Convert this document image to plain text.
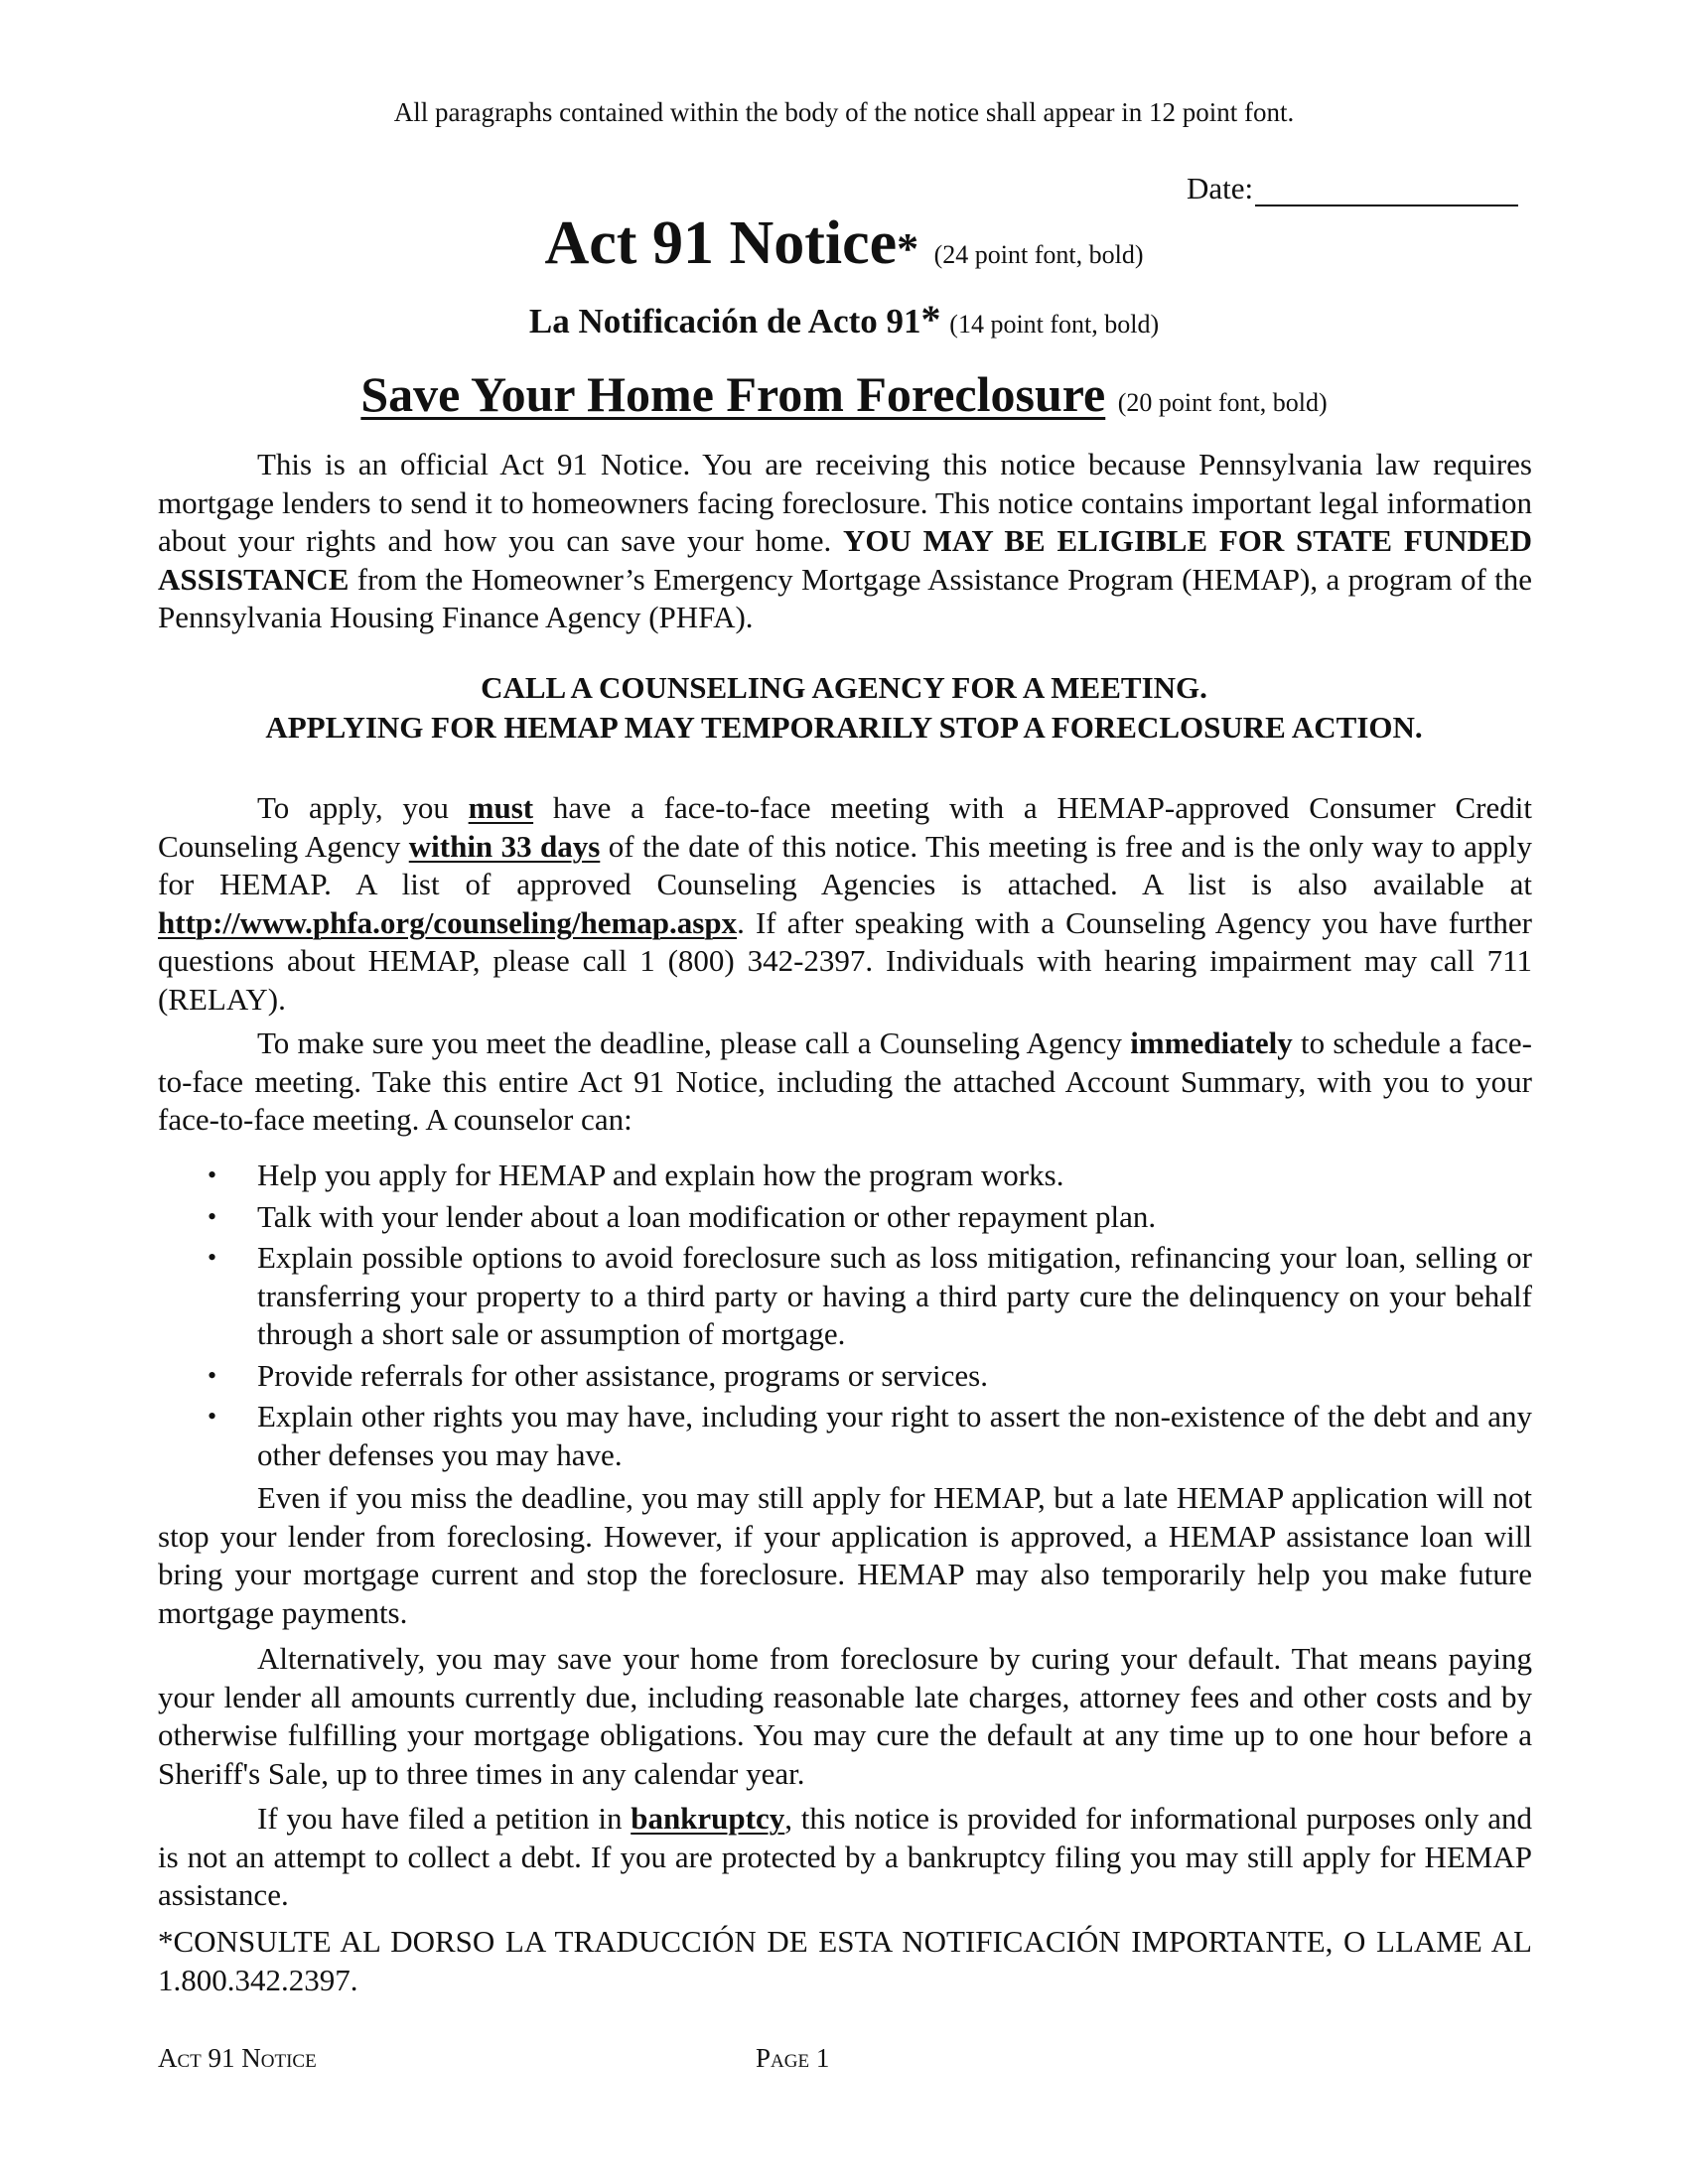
All paragraphs contained within the body of the notice shall appear in 12 point font.
Date:
Act 91 Notice* (24 point font, bold)
La Notificación de Acto 91* (14 point font, bold)
Save Your Home From Foreclosure (20 point font, bold)

This is an official Act 91 Notice. You are receiving this notice because Pennsylvania law requires mortgage lenders to send it to homeowners facing foreclosure. This notice contains important legal information about your rights and how you can save your home. YOU MAY BE ELIGIBLE FOR STATE FUNDED ASSISTANCE from the Homeowner’s Emergency Mortgage Assistance Program (HEMAP), a program of the Pennsylvania Housing Finance Agency (PHFA).

CALL A COUNSELING AGENCY FOR A MEETING.
APPLYING FOR HEMAP MAY TEMPORARILY STOP A FORECLOSURE ACTION.

To apply, you must have a face-to-face meeting with a HEMAP-approved Consumer Credit Counseling Agency within 33 days of the date of this notice. This meeting is free and is the only way to apply for HEMAP. A list of approved Counseling Agencies is attached. A list is also available at http://www.phfa.org/counseling/hemap.aspx. If after speaking with a Counseling Agency you have further questions about HEMAP, please call 1 (800) 342-2397. Individuals with hearing impairment may call 711 (RELAY).

To make sure you meet the deadline, please call a Counseling Agency immediately to schedule a face-to-face meeting. Take this entire Act 91 Notice, including the attached Account Summary, with you to your face-to-face meeting. A counselor can:

• Help you apply for HEMAP and explain how the program works.
• Talk with your lender about a loan modification or other repayment plan.
• Explain possible options to avoid foreclosure such as loss mitigation, refinancing your loan, selling or transferring your property to a third party or having a third party cure the delinquency on your behalf through a short sale or assumption of mortgage.
• Provide referrals for other assistance, programs or services.
• Explain other rights you may have, including your right to assert the non-existence of the debt and any other defenses you may have.

Even if you miss the deadline, you may still apply for HEMAP, but a late HEMAP application will not stop your lender from foreclosing. However, if your application is approved, a HEMAP assistance loan will bring your mortgage current and stop the foreclosure. HEMAP may also temporarily help you make future mortgage payments.

Alternatively, you may save your home from foreclosure by curing your default. That means paying your lender all amounts currently due, including reasonable late charges, attorney fees and other costs and by otherwise fulfilling your mortgage obligations. You may cure the default at any time up to one hour before a Sheriff's Sale, up to three times in any calendar year.

If you have filed a petition in bankruptcy, this notice is provided for informational purposes only and is not an attempt to collect a debt. If you are protected by a bankruptcy filing you may still apply for HEMAP assistance.

*CONSULTE AL DORSO LA TRADUCCIÓN DE ESTA NOTIFICACIÓN IMPORTANTE, O LLAME AL 1.800.342.2397.

Act 91 Notice	Page 1
